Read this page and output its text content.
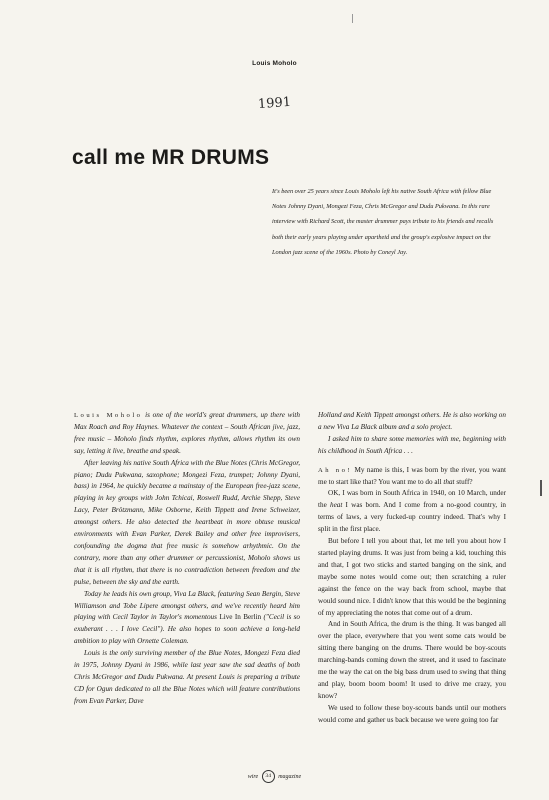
Louis Moholo
1991
call me MR DRUMS
It's been over 25 years since Louis Moholo left his native South Africa with fellow Blue Notes Johnny Dyani, Mongezi Feza, Chris McGregor and Dudu Pukwana. In this rare interview with Richard Scott, the master drummer pays tribute to his friends and recalls both their early years playing under apartheid and the group's explosive impact on the London jazz scene of the 1960s. Photo by Coneyl Jay.

Louis Moholo is one of the world's great drummers, up there with Max Roach and Roy Haynes. Whatever the context – South African jive, jazz, free music – Moholo finds rhythm, explores rhythm, allows rhythm its own say, letting it live, breathe and speak.

After leaving his native South Africa with the Blue Notes (Chris McGregor, piano; Dudu Pukwana, saxophone; Mongezi Feza, trumpet; Johnny Dyani, bass) in 1964, he quickly became a mainstay of the European free-jazz scene, playing in key groups with John Tchicai, Roswell Rudd, Archie Shepp, Steve Lacy, Peter Brötzmann, Mike Osborne, Keith Tippett and Irene Schweizer, amongst others. He also detected the heartbeat in more obtuse musical environments with Evan Parker, Derek Bailey and other free improvisers, confounding the dogma that free music is somehow arhythmic. On the contrary, more than any other drummer or percussionist, Moholo shows us that it is all rhythm, that there is no contradiction between freedom and the pulse, between the sky and the earth.

Today he leads his own group, Viva La Black, featuring Sean Bergin, Steve Williamson and Tobe Lipere amongst others, and we've recently heard him playing with Cecil Taylor in Taylor's momentous Live In Berlin ("Cecil is so exuberant . . . I love Cecil"). He also hopes to soon achieve a long-held ambition to play with Ornette Coleman.

Louis is the only surviving member of the Blue Notes, Mongezi Feza died in 1975, Johnny Dyani in 1986, while last year saw the sad deaths of both Chris McGregor and Dudu Pukwana. At present Louis is preparing a tribute CD for Ogun dedicated to all the Blue Notes which will feature contributions from Evan Parker, Dave

Holland and Keith Tippett amongst others. He is also working on a new Viva La Black album and a solo project.

I asked him to share some memories with me, beginning with his childhood in South Africa . . .

Ah no! My name is this, I was born by the river, you want me to start like that? You want me to do all that stuff?

OK, I was born in South Africa in 1940, on 10 March, under the heat I was born. And I come from a no-good country, in terms of laws, a very fucked-up country indeed. That's why I split in the first place.

But before I tell you about that, let me tell you about how I started playing drums. It was just from being a kid, touching this and that, I got two sticks and started banging on the sink, and maybe some notes would come out; then scratching a ruler against the fence on the way back from school, maybe that would sound nice. I didn't know that this would be the beginning of my appreciating the notes that come out of a drum.

And in South Africa, the drum is the thing. It was banged all over the place, everywhere that you went some cats would be sitting there banging on the drums. There would be boy-scouts marching-bands coming down the street, and it used to fascinate me the way the cat on the big bass drum used to swing that thing and play, boom boom boom! It used to drive me crazy, you know?

We used to follow these boy-scouts bands until our mothers would come and gather us back because we were going too far

wire 34 magazine
